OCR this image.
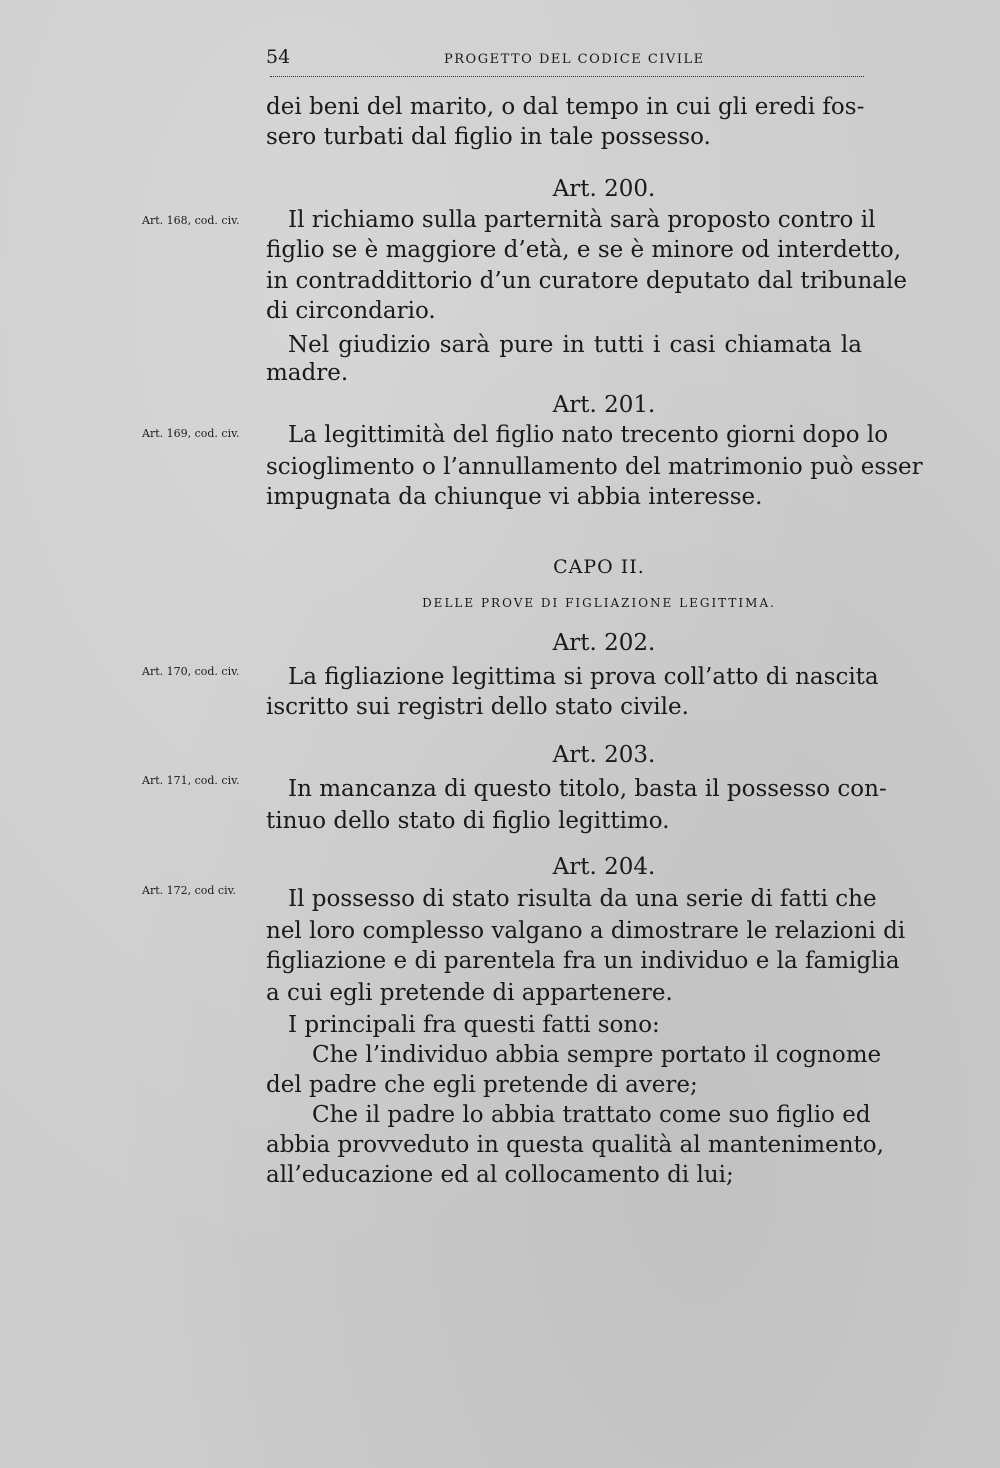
54	PROGETTO DEL CODICE CIVILE
dei beni del marito, o dal tempo in cui gli eredi fos-
sero turbati dal figlio in tale possesso.
Art. 200.
Art. 168, cod. civ.	Il richiamo sulla parternità sarà proposto contro il
figlio se è maggiore d’età, e se è minore od interdetto,
in contraddittorio d’un curatore deputato dal tribunale
di circondario.
Nel giudizio sarà pure in tutti i casi chiamata la
madre.
Art. 201.
Art. 169, cod. civ.	La legittimità del figlio nato trecento giorni dopo lo
scioglimento o l’annullamento del matrimonio può esser
impugnata da chiunque vi abbia interesse.
CAPO II.
DELLE PROVE DI FIGLIAZIONE LEGITTIMA.
Art. 202.
Art. 170, cod. civ.	La figliazione legittima si prova coll’atto di nascita
iscritto sui registri dello stato civile.
Art. 203.
Art. 171, cod. civ.	In mancanza di questo titolo, basta il possesso con-
tinuo dello stato di figlio legittimo.
Art. 204.
Art. 172, cod civ.	Il possesso di stato risulta da una serie di fatti che
nel loro complesso valgano a dimostrare le relazioni di
figliazione e di parentela fra un individuo e la famiglia
a cui egli pretende di appartenere.
I principali fra questi fatti sono:
Che l’individuo abbia sempre portato il cognome
del padre che egli pretende di avere;
Che il padre lo abbia trattato come suo figlio ed
abbia provveduto in questa qualità al mantenimento,
all’educazione ed al collocamento di lui;
